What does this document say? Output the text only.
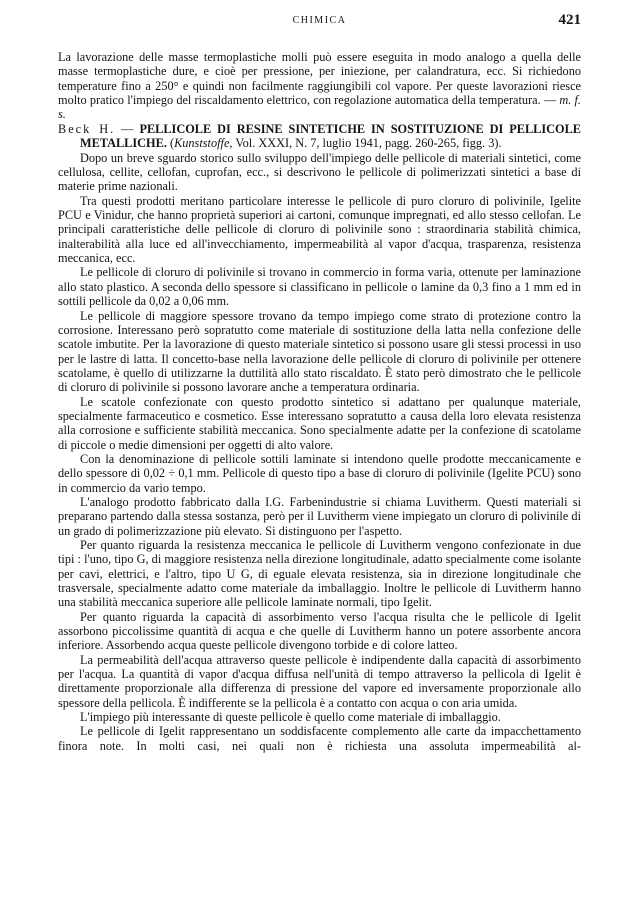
CHIMICA	421

La lavorazione delle masse termoplastiche molli può essere eseguita in modo analogo a quella delle masse termoplastiche dure, e cioè per pressione, per iniezione, per calandratura, ecc. Si richiedono temperature fino a 250° e quindi non facilmente raggiungibili col vapore. Per queste lavorazioni riesce molto pratico l'impiego del riscaldamento elettrico, con regolazione automatica della temperatura. — m. f. s.

Beck H. — PELLICOLE DI RESINE SINTETICHE IN SOSTITUZIONE DI PELLICOLE METALLICHE. (Kunststoffe, Vol. XXXI, N. 7, luglio 1941, pagg. 260-265, figg. 3).

Dopo un breve sguardo storico sullo sviluppo dell'impiego delle pellicole di materiali sintetici, come cellulosa, cellite, cellofan, cuprofan, ecc., si descrivono le pellicole di polimerizzati sintetici a base di materie prime nazionali.

Tra questi prodotti meritano particolare interesse le pellicole di puro cloruro di polivinile, Igelite PCU e Vinidur, che hanno proprietà superiori ai cartoni, comunque impregnati, ed allo stesso cellofan. Le principali caratteristiche delle pellicole di cloruro di polivinile sono : straordinaria stabilità chimica, inalterabilità alla luce ed all'invecchiamento, impermeabilità al vapor d'acqua, trasparenza, resistenza meccanica, ecc.

Le pellicole di cloruro di polivinile si trovano in commercio in forma varia, ottenute per laminazione allo stato plastico. A seconda dello spessore si classificano in pellicole o lamine da 0,3 fino a 1 mm ed in sottili pellicole da 0,02 a 0,06 mm.

Le pellicole di maggiore spessore trovano da tempo impiego come strato di protezione contro la corrosione. Interessano però sopratutto come materiale di sostituzione della latta nella confezione delle scatole imbutite. Per la lavorazione di questo materiale sintetico si possono usare gli stessi processi in uso per le lastre di latta. Il concetto-base nella lavorazione delle pellicole di cloruro di polivinile per ottenere scatolame, è quello di utilizzarne la duttilità allo stato riscaldato. È stato però dimostrato che le pellicole di cloruro di polivinile si possono lavorare anche a temperatura ordinaria.

Le scatole confezionate con questo prodotto sintetico si adattano per qualunque materiale, specialmente farmaceutico e cosmetico. Esse interessano sopratutto a causa della loro elevata resistenza alla corrosione e sufficiente stabilità meccanica. Sono specialmente adatte per la confezione di scatolame di piccole o medie dimensioni per oggetti di alto valore.

Con la denominazione di pellicole sottili laminate si intendono quelle prodotte meccanicamente e dello spessore di 0,02 ÷ 0,1 mm. Pellicole di questo tipo a base di cloruro di polivinile (Igelite PCU) sono in commercio da vario tempo.

L'analogo prodotto fabbricato dalla I.G. Farbenindustrie si chiama Luvitherm. Questi materiali si preparano partendo dalla stessa sostanza, però per il Luvitherm viene impiegato un cloruro di polivinile di un grado di polimerizzazione più elevato. Si distinguono per l'aspetto.

Per quanto riguarda la resistenza meccanica le pellicole di Luvitherm vengono confezionate in due tipi : l'uno, tipo G, di maggiore resistenza nella direzione longitudinale, adatto specialmente come isolante per cavi, elettrici, e l'altro, tipo U G, di eguale elevata resistenza, sia in direzione longitudinale che trasversale, specialmente adatto come materiale da imballaggio. Inoltre le pellicole di Luvitherm hanno una stabilità meccanica superiore alle pellicole laminate normali, tipo Igelit.

Per quanto riguarda la capacità di assorbimento verso l'acqua risulta che le pellicole di Igelit assorbono piccolissime quantità di acqua e che quelle di Luvitherm hanno un potere assorbente ancora inferiore. Assorbendo acqua queste pellicole divengono torbide e di colore latteo.

La permeabilità dell'acqua attraverso queste pellicole è indipendente dalla capacità di assorbimento per l'acqua. La quantità di vapor d'acqua diffusa nell'unità di tempo attraverso la pellicola di Igelit è direttamente proporzionale alla differenza di pressione del vapore ed inversamente proporzionale allo spessore della pellicola. È indifferente se la pellicola è a contatto con acqua o con aria umida.

L'impiego più interessante di queste pellicole è quello come materiale di imballaggio.

Le pellicole di Igelit rappresentano un soddisfacente complemento alle carte da impacchettamento finora note. In molti casi, nei quali non è richiesta una assoluta impermeabilità al-
